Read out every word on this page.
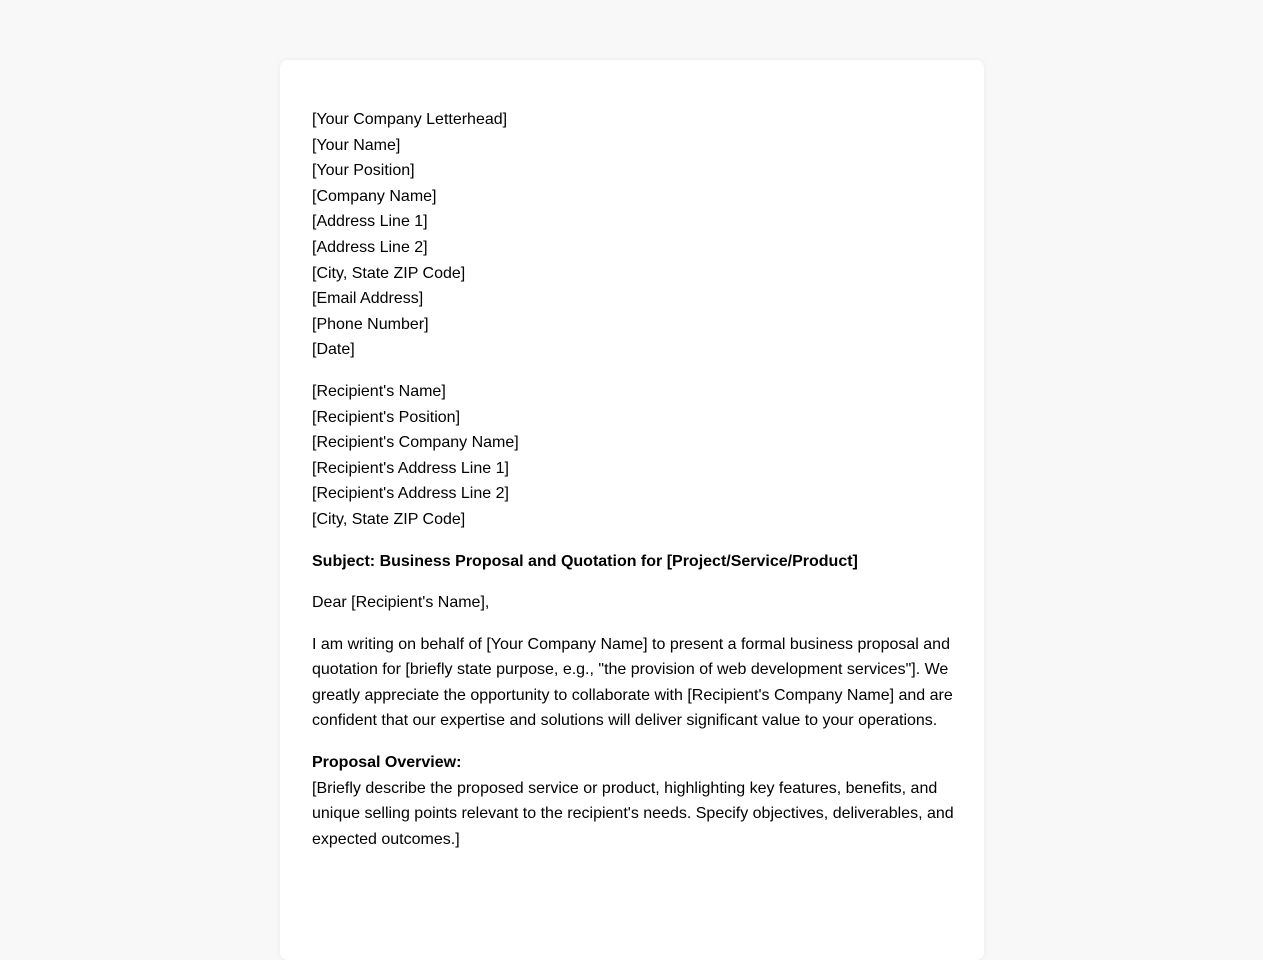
[Your Company Letterhead]
[Your Name]
[Your Position]
[Company Name]
[Address Line 1]
[Address Line 2]
[City, State ZIP Code]
[Email Address]
[Phone Number]
[Date]
[Recipient's Name]
[Recipient's Position]
[Recipient's Company Name]
[Recipient's Address Line 1]
[Recipient's Address Line 2]
[City, State ZIP Code]

Subject: Business Proposal and Quotation for [Project/Service/Product]

Dear [Recipient's Name],

I am writing on behalf of [Your Company Name] to present a formal business proposal and quotation for [briefly state purpose, e.g., "the provision of web development services"]. We greatly appreciate the opportunity to collaborate with [Recipient's Company Name] and are confident that our expertise and solutions will deliver significant value to your operations.

Proposal Overview:

[Briefly describe the proposed service or product, highlighting key features, benefits, and unique selling points relevant to the recipient's needs. Specify objectives, deliverables, and expected outcomes.]
